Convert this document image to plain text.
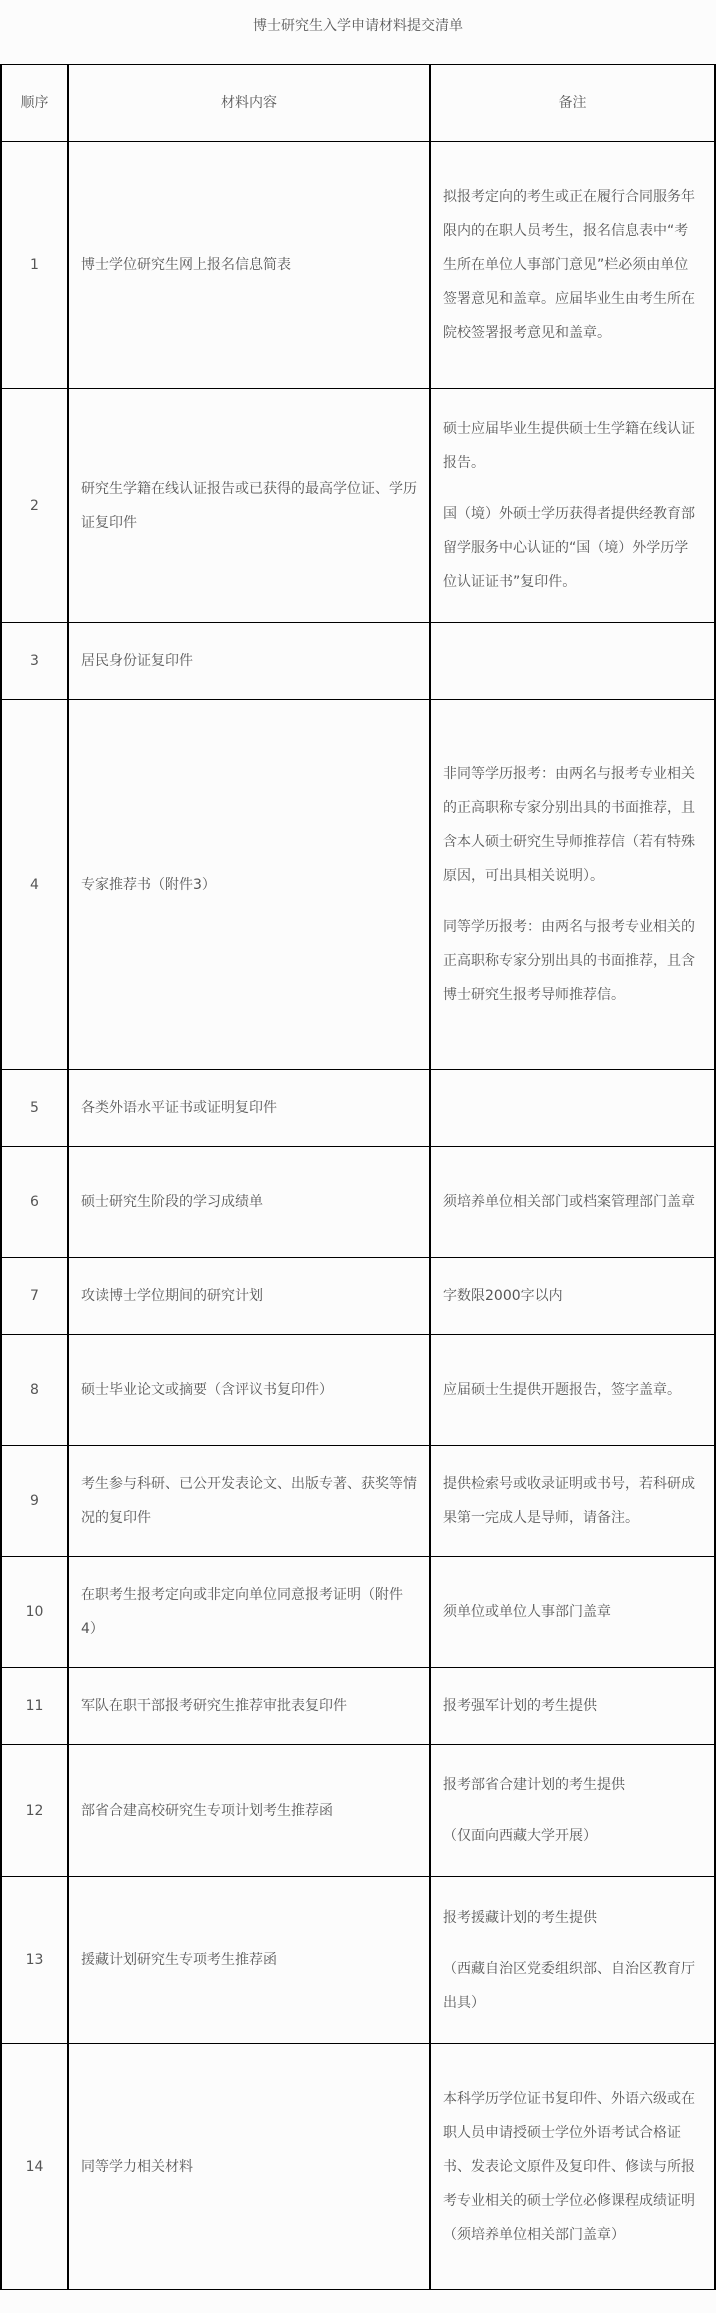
博士研究生入学申请材料提交清单
顺序	材料内容	备注
1	博士学位研究生网上报名信息简表	拟报考定向的考生或正在履行合同服务年限内的在职人员考生，报名信息表中“考生所在单位人事部门意见”栏必须由单位签署意见和盖章。应届毕业生由考生所在院校签署报考意见和盖章。

2	研究生学籍在线认证报告或已获得的最高学位证、学历证复印件	硕士应届毕业生提供硕士生学籍在线认证报告。

国（境）外硕士学历获得者提供经教育部留学服务中心认证的“国（境）外学历学位认证证书”复印件。

3	居民身份证复印件	
4	专家推荐书（附件3）	非同等学历报考：由两名与报考专业相关的正高职称专家分别出具的书面推荐，且含本人硕士研究生导师推荐信（若有特殊原因，可出具相关说明）。

同等学历报考：由两名与报考专业相关的正高职称专家分别出具的书面推荐，且含博士研究生报考导师推荐信。

5	各类外语水平证书或证明复印件	
6	硕士研究生阶段的学习成绩单	须培养单位相关部门或档案管理部门盖章

7	攻读博士学位期间的研究计划	字数限2000字以内

8	硕士毕业论文或摘要（含评议书复印件）	应届硕士生提供开题报告，签字盖章。

9	考生参与科研、已公开发表论文、出版专著、获奖等情况的复印件	提供检索号或收录证明或书号，若科研成果第一完成人是导师，请备注。

10	在职考生报考定向或非定向单位同意报考证明（附件4）	须单位或单位人事部门盖章

11	军队在职干部报考研究生推荐审批表复印件	报考强军计划的考生提供

12	部省合建高校研究生专项计划考生推荐函	报考部省合建计划的考生提供

（仅面向西藏大学开展）

13	援藏计划研究生专项考生推荐函	报考援藏计划的考生提供

（西藏自治区党委组织部、自治区教育厅出具）

14	同等学力相关材料	本科学历学位证书复印件、外语六级或在职人员申请授硕士学位外语考试合格证书、发表论文原件及复印件、修读与所报考专业相关的硕士学位必修课程成绩证明（须培养单位相关部门盖章）
